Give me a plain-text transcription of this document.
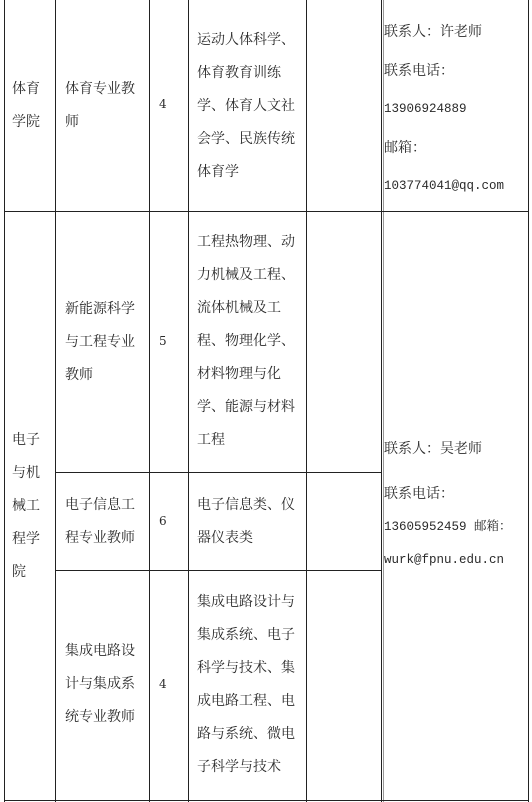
体育
学院
体育专业教
师
4
运动人体科学、
体育教育训练
学、体育人文社
会学、民族传统
体育学
联系人：许老师
联系电话：
13906924889
邮箱：
103774041@qq.com
电子
与机
械工
程学
院
新能源科学
与工程专业
教师
5
工程热物理、动
力机械及工程、
流体机械及工
程、物理化学、
材料物理与化
学、能源与材料
工程
电子信息工
程专业教师
6
电子信息类、仪
器仪表类
集成电路设
计与集成系
统专业教师
4
集成电路设计与
集成系统、电子
科学与技术、集
成电路工程、电
路与系统、微电
子科学与技术
联系人：吴老师
联系电话：
13605952459 邮箱：
wurk@fpnu.edu.cn
